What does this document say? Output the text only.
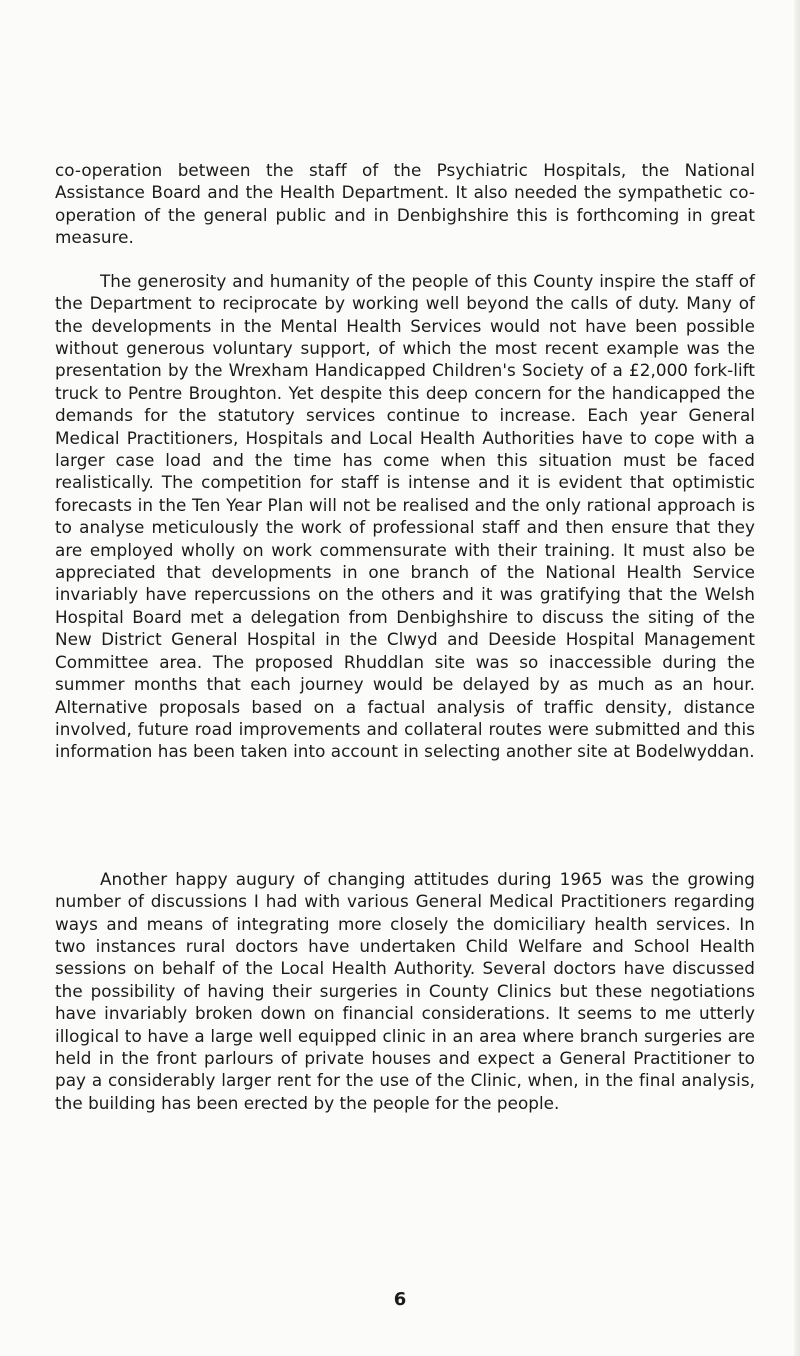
co-operation between the staff of the Psychiatric Hospitals, the National Assistance Board and the Health Department. It also needed the sympathetic co-operation of the general public and in Denbighshire this is forthcoming in great measure.

The generosity and humanity of the people of this County inspire the staff of the Department to reciprocate by working well beyond the calls of duty. Many of the developments in the Mental Health Services would not have been possible without generous voluntary support, of which the most recent example was the presentation by the Wrexham Handicapped Children's Society of a £2,000 fork-lift truck to Pentre Broughton. Yet despite this deep concern for the handicapped the demands for the statutory services continue to increase. Each year General Medical Practitioners, Hospitals and Local Health Authorities have to cope with a larger case load and the time has come when this situation must be faced realistically. The competition for staff is intense and it is evident that optimistic forecasts in the Ten Year Plan will not be realised and the only rational approach is to analyse meticulously the work of professional staff and then ensure that they are employed wholly on work commensurate with their training. It must also be appreciated that developments in one branch of the National Health Service invariably have repercussions on the others and it was gratifying that the Welsh Hospital Board met a delegation from Denbighshire to discuss the siting of the New District General Hospital in the Clwyd and Deeside Hospital Management Committee area. The proposed Rhuddlan site was so inaccessible during the summer months that each journey would be delayed by as much as an hour. Alternative proposals based on a factual analysis of traffic density, distance involved, future road improvements and collateral routes were submitted and this information has been taken into account in selecting another site at Bodelwyddan.

Another happy augury of changing attitudes during 1965 was the growing number of discussions I had with various General Medical Practitioners regarding ways and means of integrating more closely the domiciliary health services. In two instances rural doctors have undertaken Child Welfare and School Health sessions on behalf of the Local Health Authority. Several doctors have discussed the possibility of having their surgeries in County Clinics but these negotiations have invariably broken down on financial considerations. It seems to me utterly illogical to have a large well equipped clinic in an area where branch surgeries are held in the front parlours of private houses and expect a General Practitioner to pay a considerably larger rent for the use of the Clinic, when, in the final analysis, the building has been erected by the people for the people.

6
